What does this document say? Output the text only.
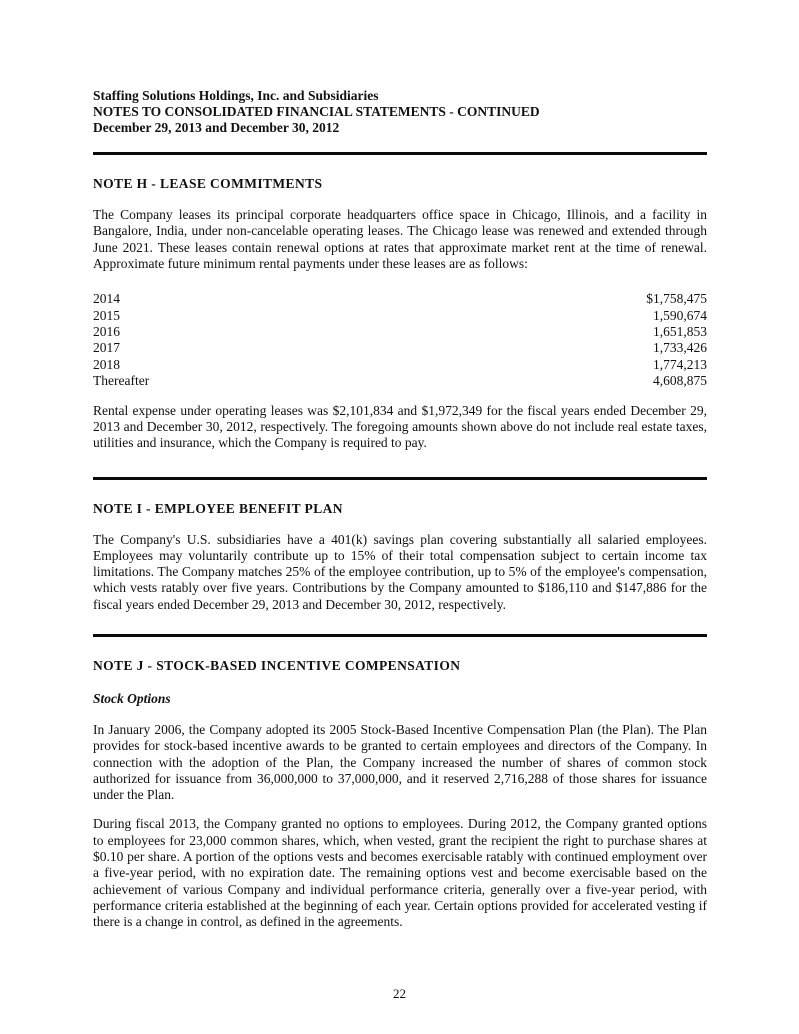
Staffing Solutions Holdings, Inc. and Subsidiaries
NOTES TO CONSOLIDATED FINANCIAL STATEMENTS - CONTINUED
December 29, 2013 and December 30, 2012
NOTE H - LEASE COMMITMENTS
The Company leases its principal corporate headquarters office space in Chicago, Illinois, and a facility in Bangalore, India, under non-cancelable operating leases. The Chicago lease was renewed and extended through June 2021. These leases contain renewal options at rates that approximate market rent at the time of renewal. Approximate future minimum rental payments under these leases are as follows:
2014	$1,758,475
2015	1,590,674
2016	1,651,853
2017	1,733,426
2018	1,774,213
Thereafter	4,608,875
Rental expense under operating leases was $2,101,834 and $1,972,349 for the fiscal years ended December 29, 2013 and December 30, 2012, respectively. The foregoing amounts shown above do not include real estate taxes, utilities and insurance, which the Company is required to pay.
NOTE I - EMPLOYEE BENEFIT PLAN
The Company's U.S. subsidiaries have a 401(k) savings plan covering substantially all salaried employees. Employees may voluntarily contribute up to 15% of their total compensation subject to certain income tax limitations. The Company matches 25% of the employee contribution, up to 5% of the employee's compensation, which vests ratably over five years. Contributions by the Company amounted to $186,110 and $147,886 for the fiscal years ended December 29, 2013 and December 30, 2012, respectively.
NOTE J - STOCK-BASED INCENTIVE COMPENSATION
Stock Options
In January 2006, the Company adopted its 2005 Stock-Based Incentive Compensation Plan (the Plan). The Plan provides for stock-based incentive awards to be granted to certain employees and directors of the Company. In connection with the adoption of the Plan, the Company increased the number of shares of common stock authorized for issuance from 36,000,000 to 37,000,000, and it reserved 2,716,288 of those shares for issuance under the Plan.
During fiscal 2013, the Company granted no options to employees. During 2012, the Company granted options to employees for 23,000 common shares, which, when vested, grant the recipient the right to purchase shares at $0.10 per share. A portion of the options vests and becomes exercisable ratably with continued employment over a five-year period, with no expiration date. The remaining options vest and become exercisable based on the achievement of various Company and individual performance criteria, generally over a five-year period, with performance criteria established at the beginning of each year. Certain options provided for accelerated vesting if there is a change in control, as defined in the agreements.
22
